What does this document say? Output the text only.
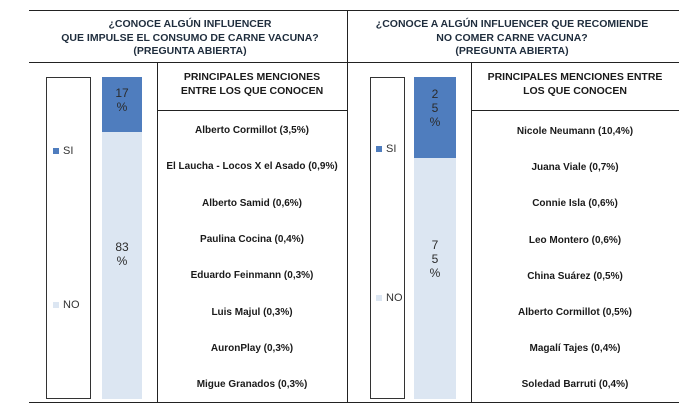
¿CONOCE ALGÚN INFLUENCER
QUE IMPULSE EL CONSUMO DE CARNE VACUNA?
(PREGUNTA ABIERTA)
SI
NO
17 %
83 %
PRINCIPALES MENCIONES
ENTRE LOS QUE CONOCEN
Alberto Cormillot (3,5%)
El Laucha - Locos X el Asado (0,9%)
Alberto Samid (0,6%)
Paulina Cocina (0,4%)
Eduardo Feinmann (0,3%)
Luis Majul (0,3%)
AuronPlay (0,3%)
Migue Granados (0,3%)
¿CONOCE A ALGÚN INFLUENCER QUE RECOMIENDE
NO COMER CARNE VACUNA?
(PREGUNTA ABIERTA)
SI
NO
2 5 %
7 5 %
PRINCIPALES MENCIONES ENTRE
LOS QUE CONOCEN
Nicole Neumann (10,4%)
Juana Viale (0,7%)
Connie Isla (0,6%)
Leo Montero (0,6%)
China Suárez (0,5%)
Alberto Cormillot (0,5%)
Magalí Tajes (0,4%)
Soledad Barruti (0,4%)
